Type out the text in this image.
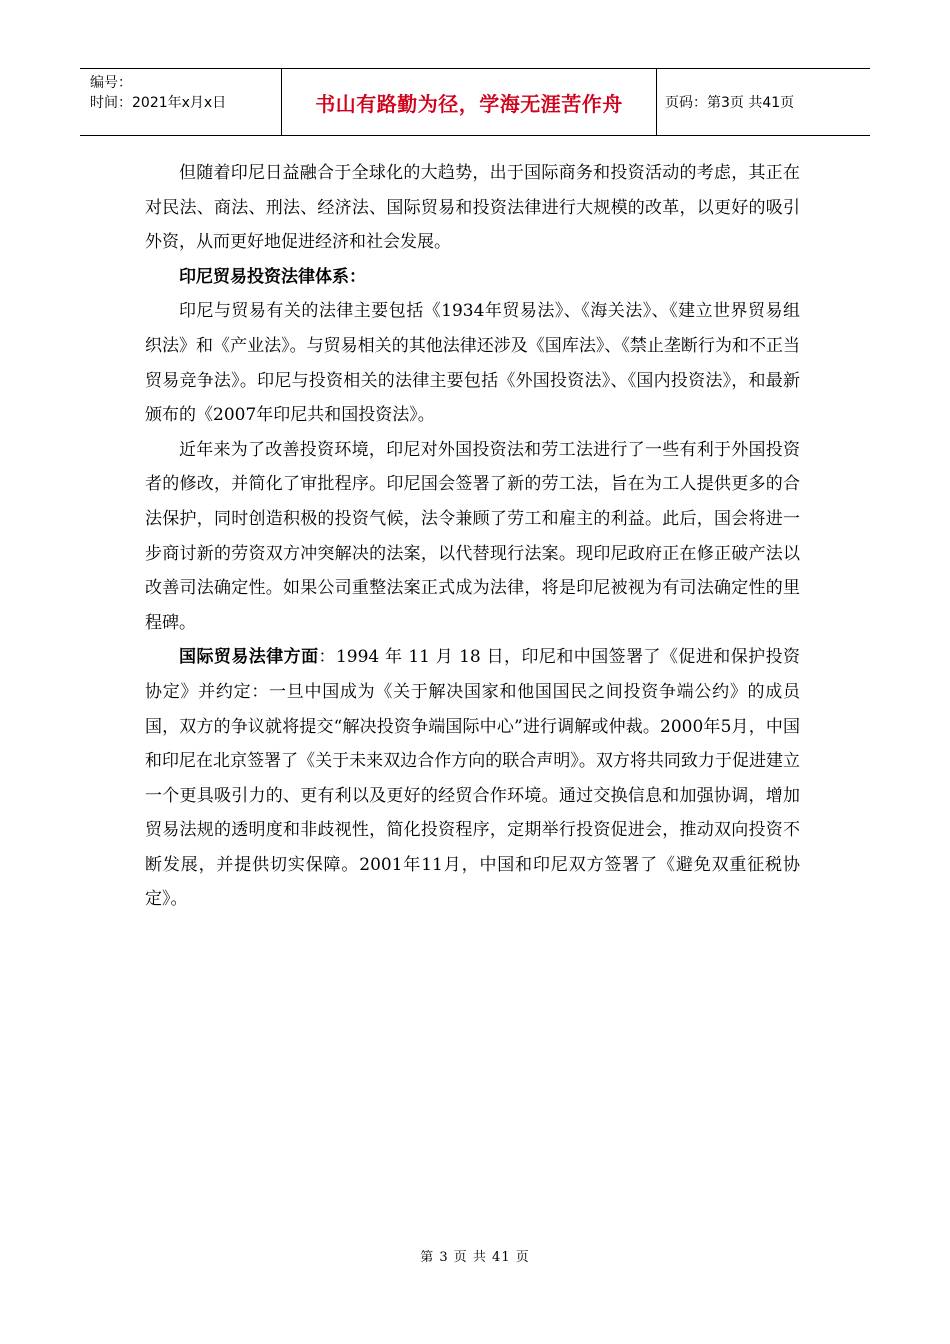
编号：
时间：2021年x月x日	书山有路勤为径，学海无涯苦作舟	页码：第3页 共41页

但随着印尼日益融合于全球化的大趋势，出于国际商务和投资活动的考虑，其正在对民法、商法、刑法、经济法、国际贸易和投资法律进行大规模的改革，以更好的吸引外资，从而更好地促进经济和社会发展。

印尼贸易投资法律体系：

印尼与贸易有关的法律主要包括《1934年贸易法》、《海关法》、《建立世界贸易组织法》和《产业法》。与贸易相关的其他法律还涉及《国库法》、《禁止垄断行为和不正当贸易竞争法》。印尼与投资相关的法律主要包括《外国投资法》、《国内投资法》，和最新颁布的《2007年印尼共和国投资法》。

近年来为了改善投资环境，印尼对外国投资法和劳工法进行了一些有利于外国投资者的修改，并简化了审批程序。印尼国会签署了新的劳工法，旨在为工人提供更多的合法保护，同时创造积极的投资气候，法令兼顾了劳工和雇主的利益。此后，国会将进一步商讨新的劳资双方冲突解决的法案，以代替现行法案。现印尼政府正在修正破产法以改善司法确定性。如果公司重整法案正式成为法律，将是印尼被视为有司法确定性的里程碑。

国际贸易法律方面：1994 年 11 月 18 日，印尼和中国签署了《促进和保护投资协定》并约定：一旦中国成为《关于解决国家和他国国民之间投资争端公约》的成员国，双方的争议就将提交“解决投资争端国际中心”进行调解或仲裁。2000年5月，中国和印尼在北京签署了《关于未来双边合作方向的联合声明》。双方将共同致力于促进建立一个更具吸引力的、更有利以及更好的经贸合作环境。通过交换信息和加强协调，增加贸易法规的透明度和非歧视性，简化投资程序，定期举行投资促进会，推动双向投资不断发展，并提供切实保障。2001年11月，中国和印尼双方签署了《避免双重征税协定》。

第 3 页 共 41 页
